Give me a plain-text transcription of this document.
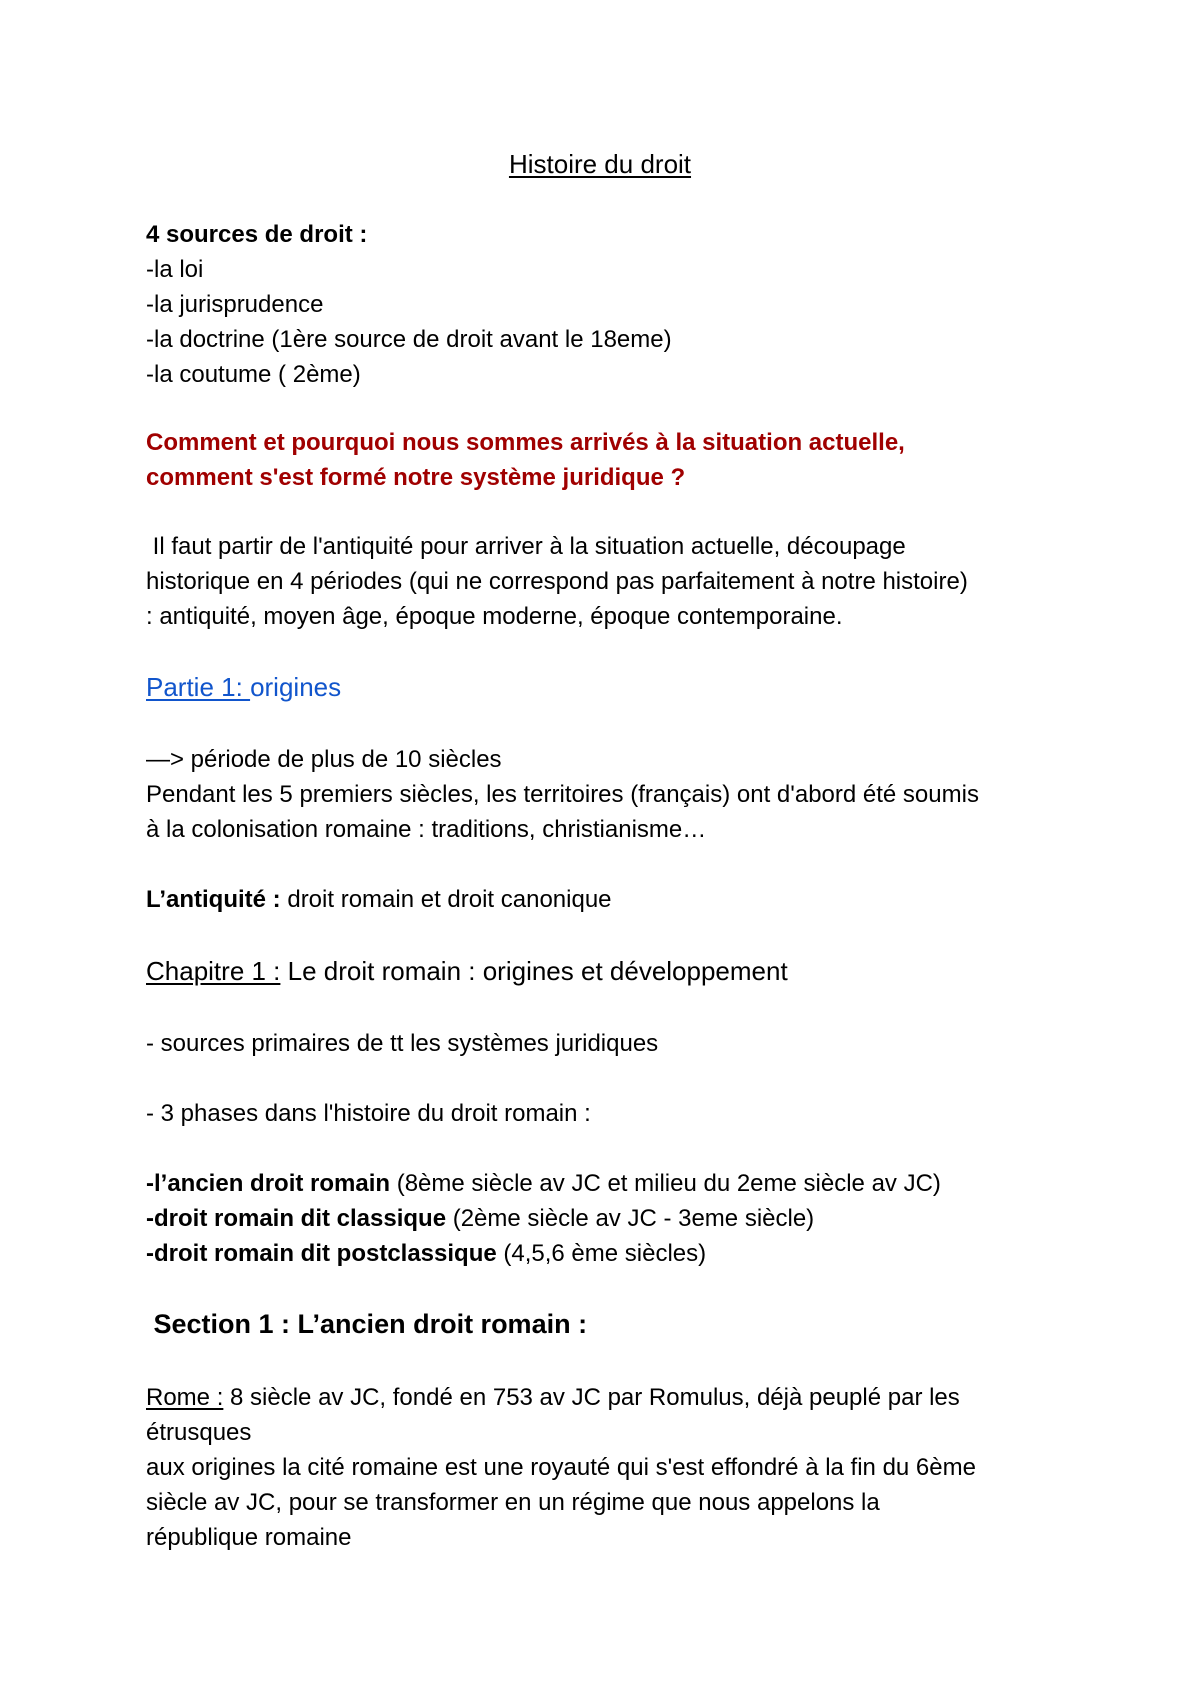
Histoire du droit

4 sources de droit :

-la loi

-la jurisprudence

-la doctrine (1ère source de droit avant le 18eme)

-la coutume ( 2ème)

Comment et pourquoi nous sommes arrivés à la situation actuelle,

comment s'est formé notre système juridique ?

Il faut partir de l'antiquité pour arriver à la situation actuelle, découpage

historique en 4 périodes (qui ne correspond pas parfaitement à notre histoire)

: antiquité, moyen âge, époque moderne, époque contemporaine.

Partie 1: origines

—> période de plus de 10 siècles

Pendant les 5 premiers siècles, les territoires (français) ont d'abord été soumis

à la colonisation romaine : traditions, christianisme…

L’antiquité : droit romain et droit canonique

Chapitre 1 : Le droit romain : origines et développement

- sources primaires de tt les systèmes juridiques

- 3 phases dans l'histoire du droit romain :

-l’ancien droit romain (8ème siècle av JC et milieu du 2eme siècle av JC)

-droit romain dit classique (2ème siècle av JC - 3eme siècle)

-droit romain dit postclassique (4,5,6 ème siècles)

Section 1 : L’ancien droit romain :

Rome : 8 siècle av JC, fondé en 753 av JC par Romulus, déjà peuplé par les

étrusques

aux origines la cité romaine est une royauté qui s'est effondré à la fin du 6ème

siècle av JC, pour se transformer en un régime que nous appelons la

république romaine
